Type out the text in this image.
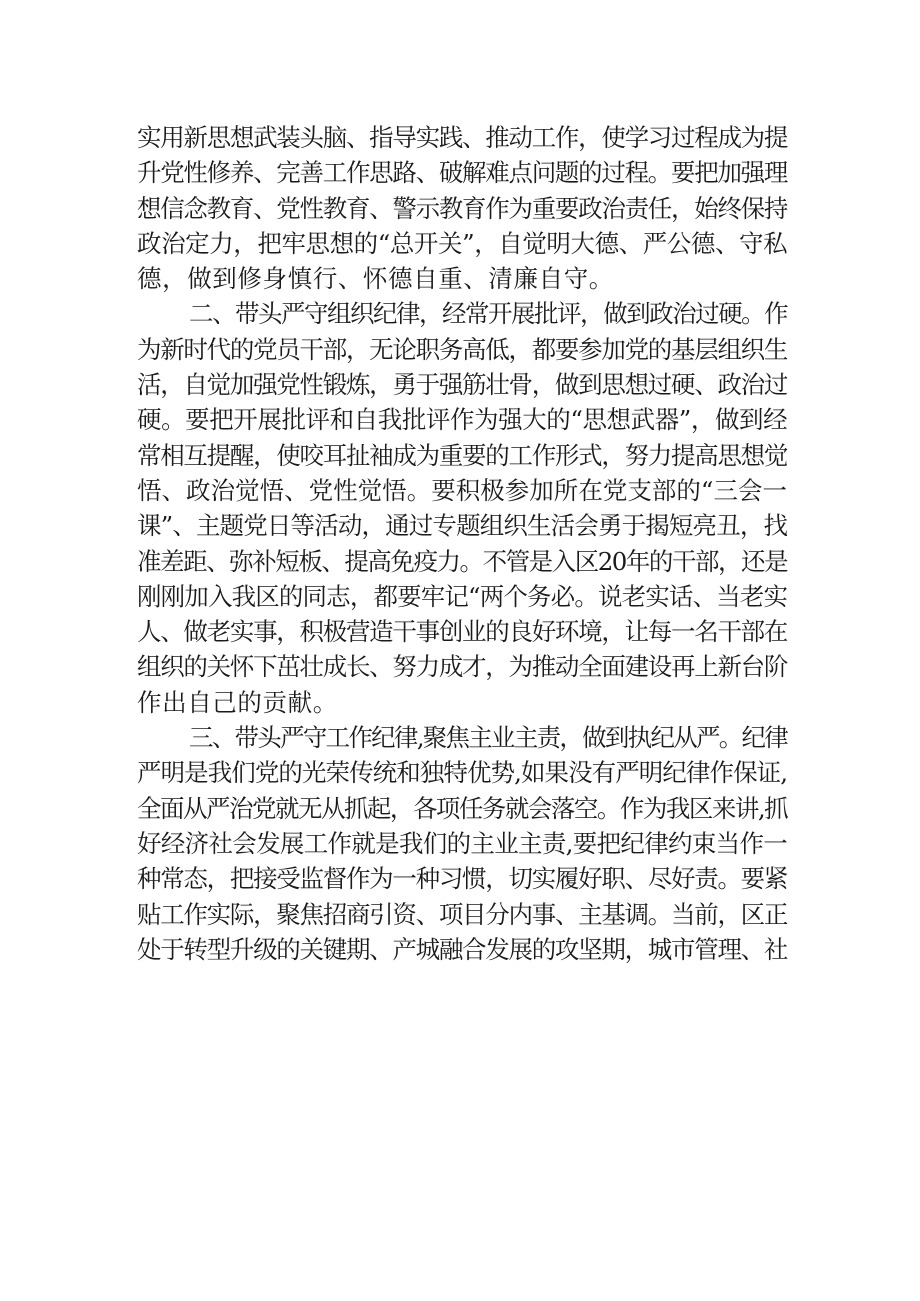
实用新思想武装头脑、指导实践、推动工作，使学习过程成为提
升党性修养、完善工作思路、破解难点问题的过程。要把加强理
想信念教育、党性教育、警示教育作为重要政治责任，始终保持
政治定力，把牢思想的“总开关”，自觉明大德、严公德、守私
德，做到修身慎行、怀德自重、清廉自守。
二、带头严守组织纪律，经常开展批评，做到政治过硬。作
为新时代的党员干部，无论职务高低，都要参加党的基层组织生
活，自觉加强党性锻炼，勇于强筋壮骨，做到思想过硬、政治过
硬。要把开展批评和自我批评作为强大的“思想武器”，做到经
常相互提醒，使咬耳扯袖成为重要的工作形式，努力提高思想觉
悟、政治觉悟、党性觉悟。要积极参加所在党支部的“三会一
课”、主题党日等活动，通过专题组织生活会勇于揭短亮丑，找
准差距、弥补短板、提高免疫力。不管是入区20年的干部，还是
刚刚加入我区的同志，都要牢记“两个务必。说老实话、当老实
人、做老实事，积极营造干事创业的良好环境，让每一名干部在
组织的关怀下茁壮成长、努力成才，为推动全面建设再上新台阶
作出自己的贡献。
三、带头严守工作纪律,聚焦主业主责，做到执纪从严。纪律
严明是我们党的光荣传统和独特优势,如果没有严明纪律作保证,
全面从严治党就无从抓起，各项任务就会落空。作为我区来讲,抓
好经济社会发展工作就是我们的主业主责,要把纪律约束当作一
种常态，把接受监督作为一种习惯，切实履好职、尽好责。要紧
贴工作实际，聚焦招商引资、项目分内事、主基调。当前，区正
处于转型升级的关键期、产城融合发展的攻坚期，城市管理、社
